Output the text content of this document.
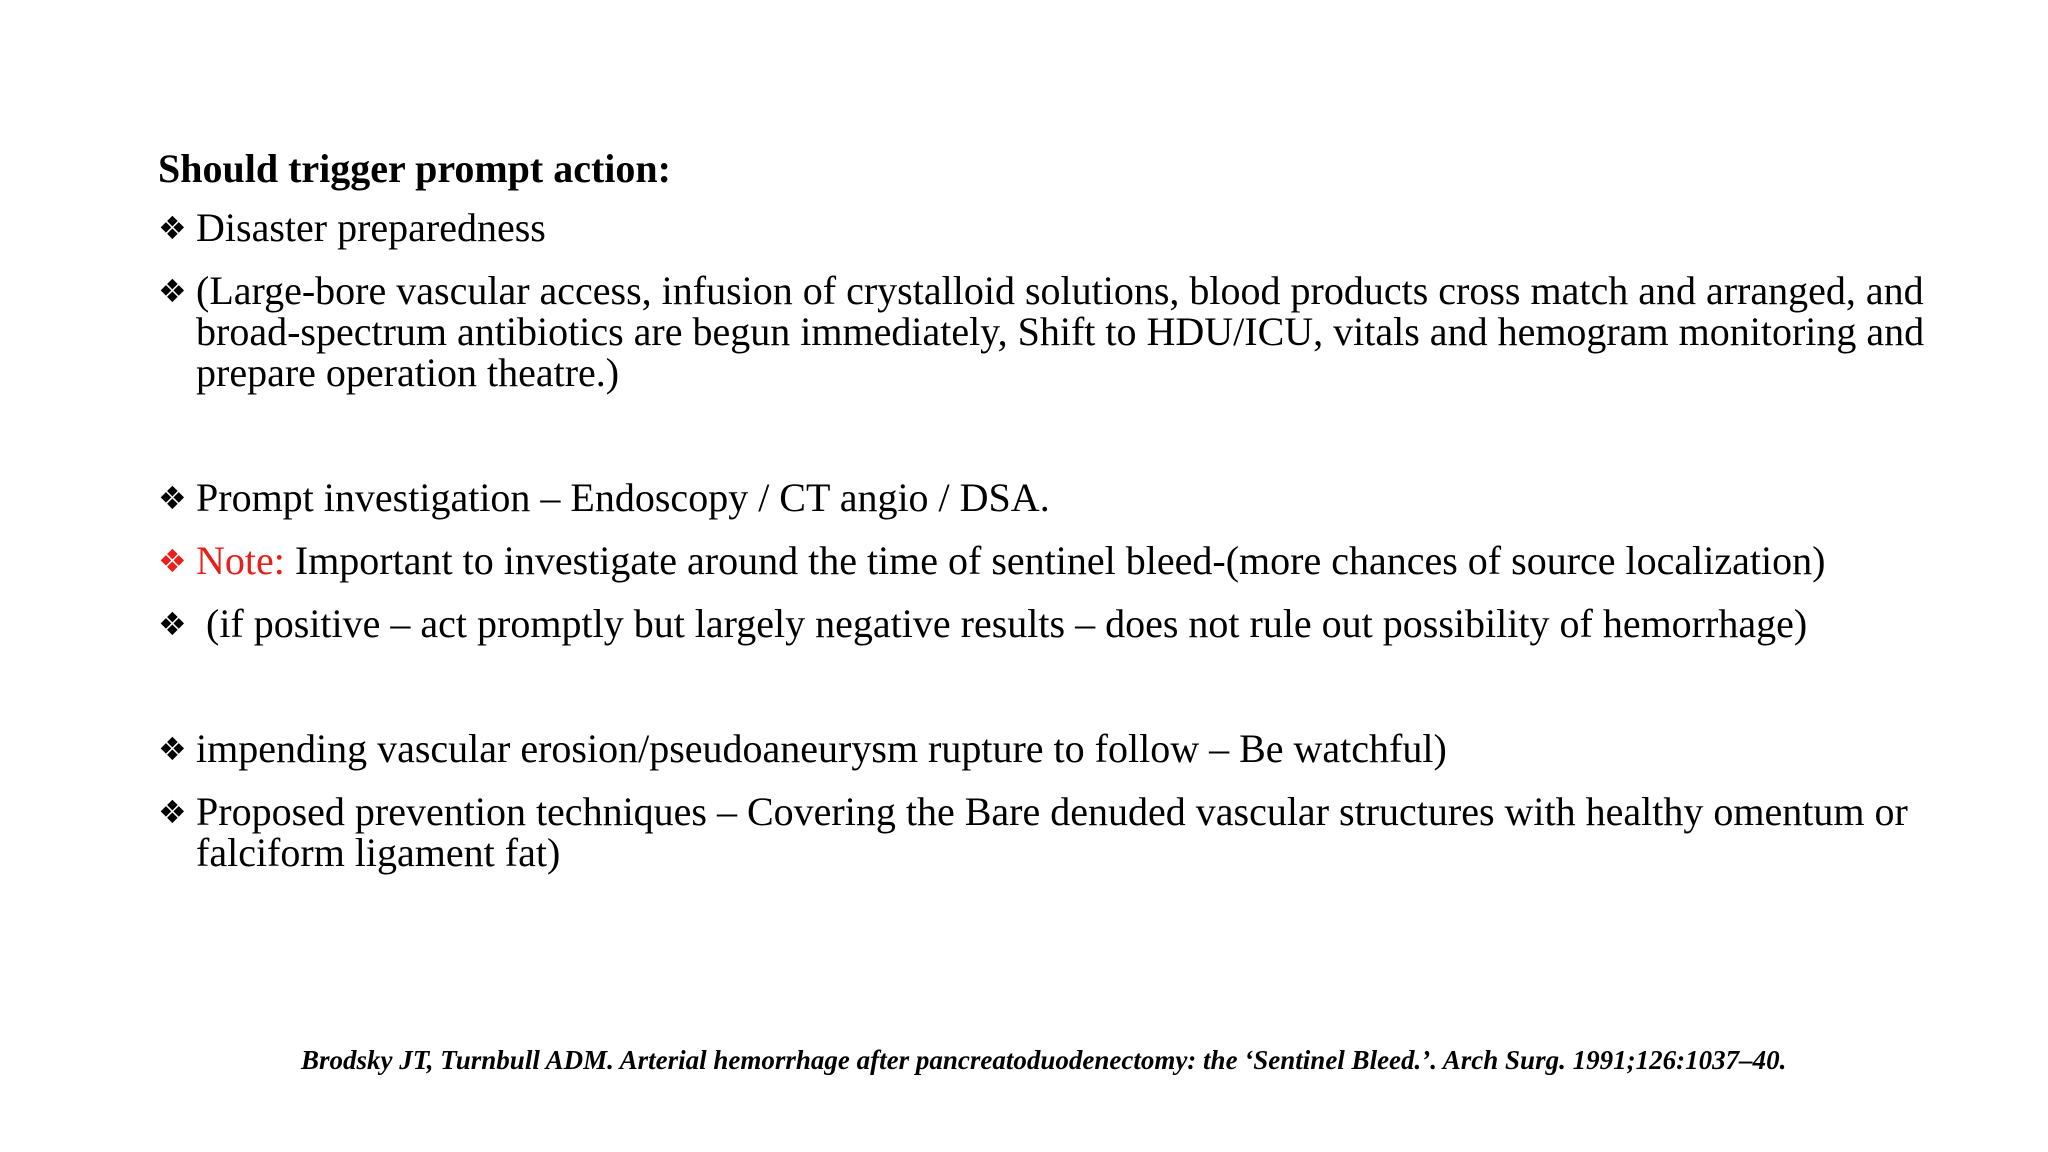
Should trigger prompt action:
❖ Disaster preparedness
❖ (Large-bore vascular access, infusion of crystalloid solutions, blood products cross match and arranged, and broad-spectrum antibiotics are begun immediately, Shift to HDU/ICU, vitals and hemogram monitoring and prepare operation theatre.)
❖ Prompt investigation – Endoscopy / CT angio / DSA.
❖ Note: Important to investigate around the time of sentinel bleed-(more chances of source localization)
❖ (if positive – act promptly but largely negative results – does not rule out possibility of hemorrhage)
❖ impending vascular erosion/pseudoaneurysm rupture to follow – Be watchful)
❖ Proposed prevention techniques – Covering the Bare denuded vascular structures with healthy omentum or falciform ligament fat)
Brodsky JT, Turnbull ADM. Arterial hemorrhage after pancreatoduodenectomy: the ‘Sentinel Bleed.’. Arch Surg. 1991;126:1037–40.
